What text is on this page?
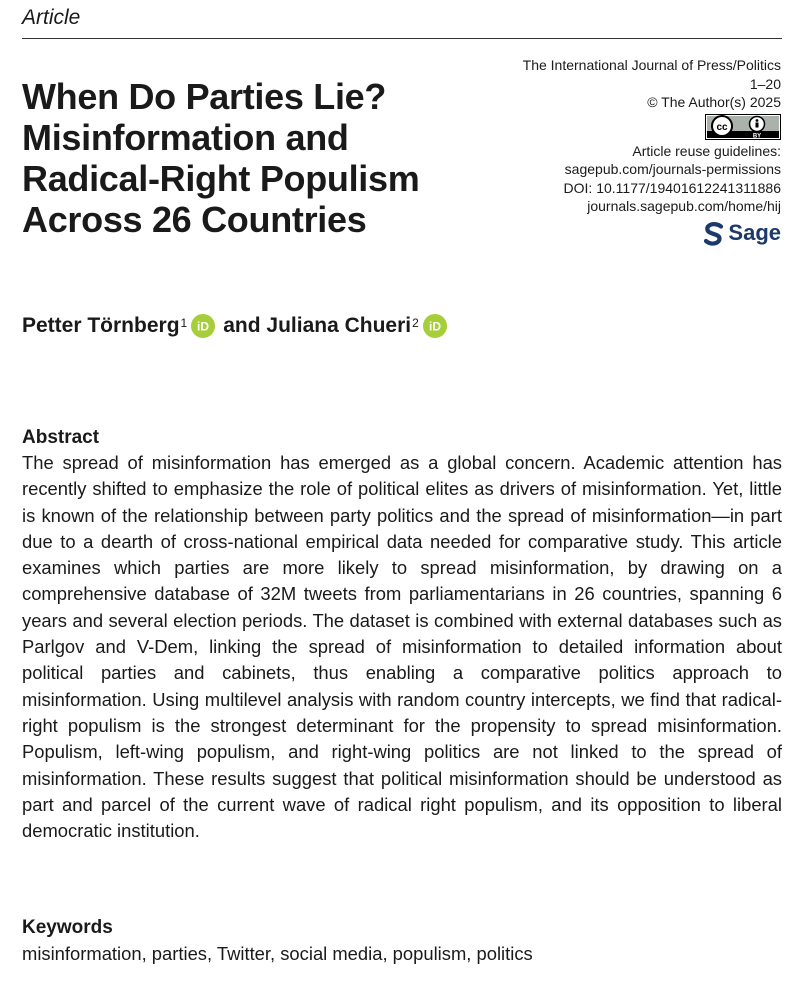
Article
When Do Parties Lie?
Misinformation and
Radical-Right Populism
Across 26 Countries
The International Journal of Press/Politics
1–20
© The Author(s) 2025
cc
BY
Article reuse guidelines:
sagepub.com/journals-permissions
DOI: 10.1177/19401612241311886
journals.sagepub.com/home/hij
Sage
Petter Törnberg$^1$ iD and
Juliana Chueri$^2$ iD
Abstract

The spread of misinformation has emerged as a global concern. Academic attention has recently shifted to emphasize the role of political elites as drivers of misinformation. Yet, little is known of the relationship between party politics and the spread of misinformation—in part due to a dearth of cross-national empirical data needed for comparative study. This article examines which parties are more likely to spread misinformation, by drawing on a comprehensive database of 32M tweets from parliamentarians in 26 countries, spanning 6 years and several election periods. The dataset is combined with external databases such as Parlgov and V-Dem, linking the spread of misinformation to detailed information about political parties and cabinets, thus enabling a comparative politics approach to misinformation. Using multilevel analysis with random country intercepts, we find that radical-right populism is the strongest determinant for the propensity to spread misinformation. Populism, left-wing populism, and right-wing politics are not linked to the spread of misinformation. These results suggest that political misinformation should be understood as part and parcel of the current wave of radical right populism, and its opposition to liberal democratic institution.

Keywords

misinformation, parties, Twitter, social media, populism, politics
